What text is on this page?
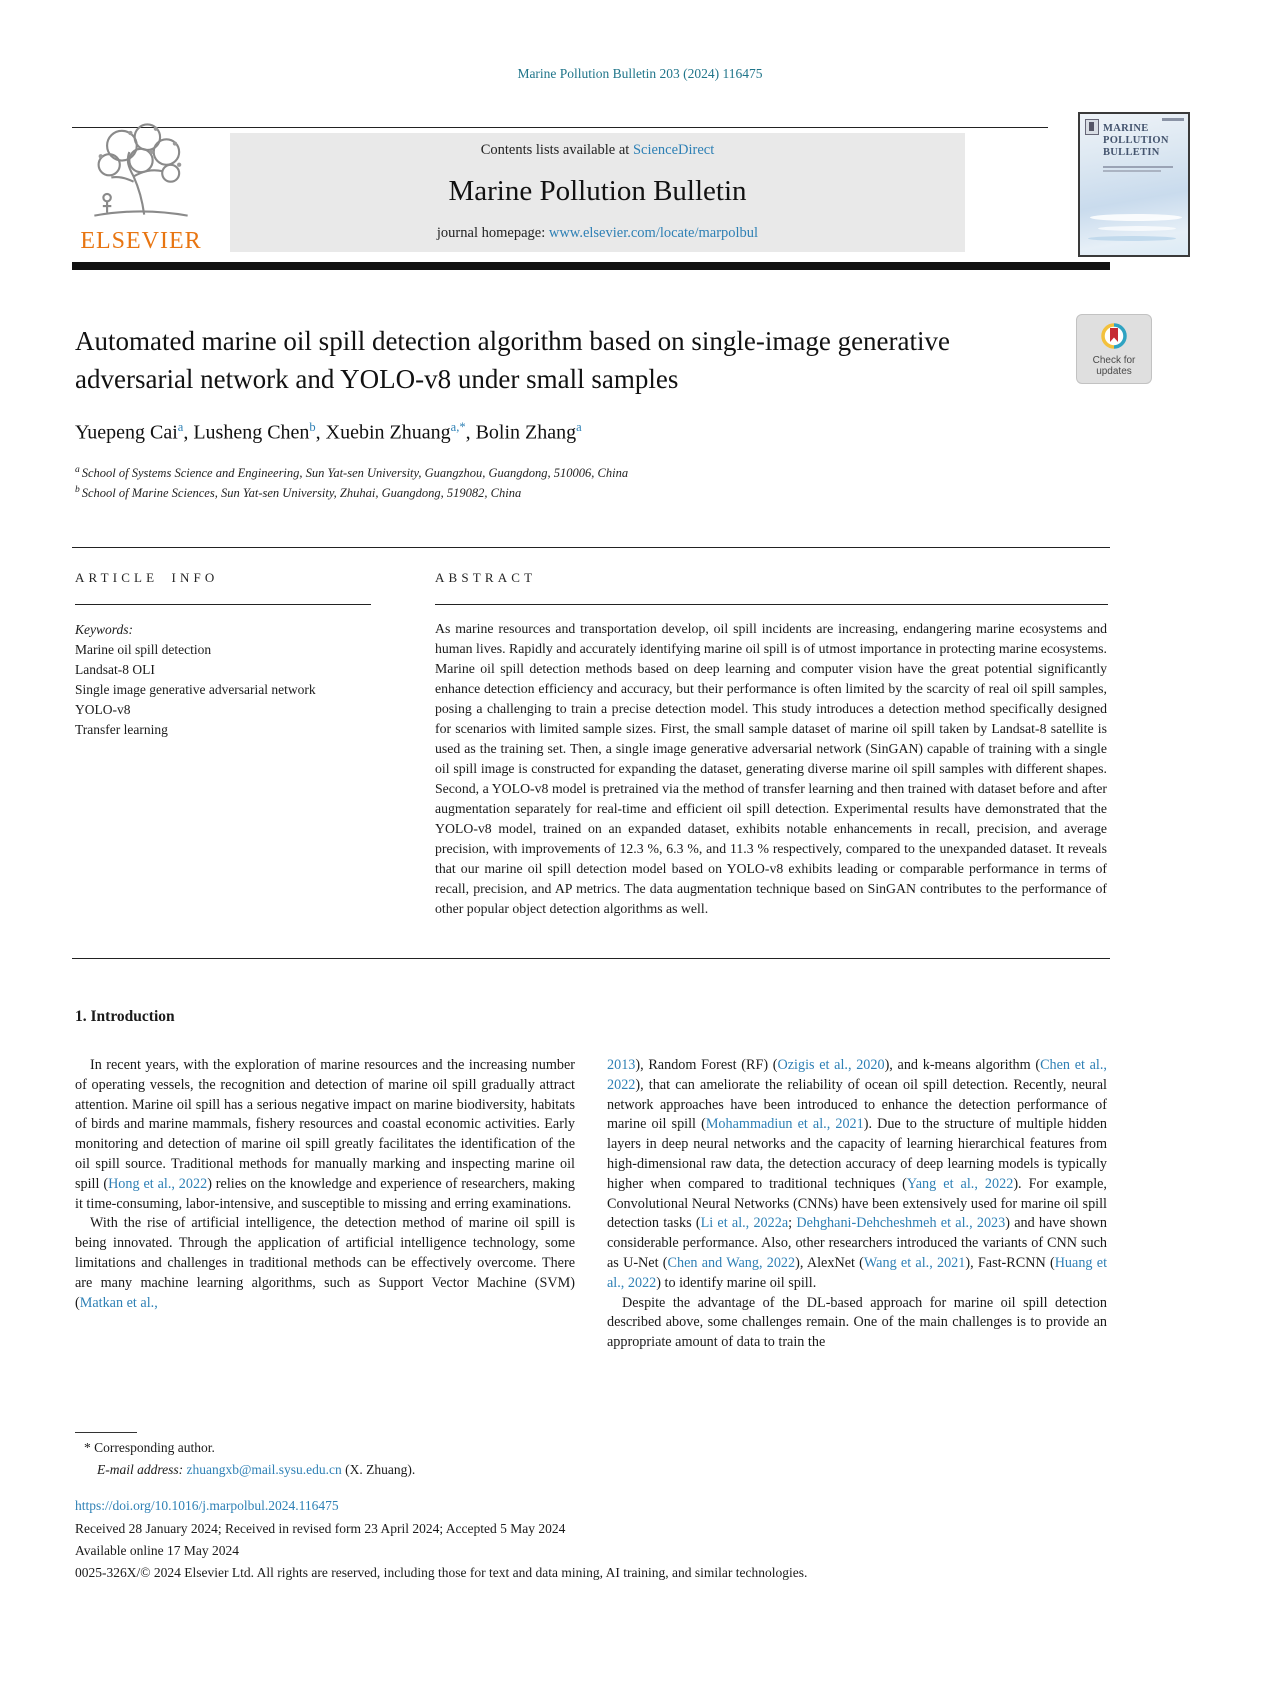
Marine Pollution Bulletin 203 (2024) 116475
ELSEVIER
Contents lists available at ScienceDirect
Marine Pollution Bulletin
journal homepage: www.elsevier.com/locate/marpolbul
MARINE POLLUTION BULLETIN
Automated marine oil spill detection algorithm based on single-image generative adversarial network and YOLO-v8 under small samples
Check for
updates
Yuepeng Cai$^a$, Lusheng Chen$^b$, Xuebin Zhuang$^{a,*}$, Bolin Zhang$^a$
$^a$ School of Systems Science and Engineering, Sun Yat-sen University, Guangzhou, Guangdong, 510006, China
$^b$ School of Marine Sciences, Sun Yat-sen University, Zhuhai, Guangdong, 519082, China
ARTICLE INFO	ABSTRACT
Keywords:
Marine oil spill detection
Landsat-8 OLI
Single image generative adversarial network
YOLO-v8
Transfer learning
As marine resources and transportation develop, oil spill incidents are increasing, endangering marine ecosystems and human lives. Rapidly and accurately identifying marine oil spill is of utmost importance in protecting marine ecosystems. Marine oil spill detection methods based on deep learning and computer vision have the great potential significantly enhance detection efficiency and accuracy, but their performance is often limited by the scarcity of real oil spill samples, posing a challenging to train a precise detection model. This study introduces a detection method specifically designed for scenarios with limited sample sizes. First, the small sample dataset of marine oil spill taken by Landsat-8 satellite is used as the training set. Then, a single image generative adversarial network (SinGAN) capable of training with a single oil spill image is constructed for expanding the dataset, generating diverse marine oil spill samples with different shapes. Second, a YOLO-v8 model is pretrained via the method of transfer learning and then trained with dataset before and after augmentation separately for real-time and efficient oil spill detection. Experimental results have demonstrated that the YOLO-v8 model, trained on an expanded dataset, exhibits notable enhancements in recall, precision, and average precision, with improvements of 12.3 %, 6.3 %, and 11.3 % respectively, compared to the unexpanded dataset. It reveals that our marine oil spill detection model based on YOLO-v8 exhibits leading or comparable performance in terms of recall, precision, and AP metrics. The data augmentation technique based on SinGAN contributes to the performance of other popular object detection algorithms as well.
1. Introduction

In recent years, with the exploration of marine resources and the increasing number of operating vessels, the recognition and detection of marine oil spill gradually attract attention. Marine oil spill has a serious negative impact on marine biodiversity, habitats of birds and marine mammals, fishery resources and coastal economic activities. Early monitoring and detection of marine oil spill greatly facilitates the identification of the oil spill source. Traditional methods for manually marking and inspecting marine oil spill (Hong et al., 2022) relies on the knowledge and experience of researchers, making it time-consuming, labor-intensive, and susceptible to missing and erring examinations.

With the rise of artificial intelligence, the detection method of marine oil spill is being innovated. Through the application of artificial intelligence technology, some limitations and challenges in traditional methods can be effectively overcome. There are many machine learning algorithms, such as Support Vector Machine (SVM) (Matkan et al.,

2013), Random Forest (RF) (Ozigis et al., 2020), and k-means algorithm (Chen et al., 2022), that can ameliorate the reliability of ocean oil spill detection. Recently, neural network approaches have been introduced to enhance the detection performance of marine oil spill (Mohammadiun et al., 2021). Due to the structure of multiple hidden layers in deep neural networks and the capacity of learning hierarchical features from high-dimensional raw data, the detection accuracy of deep learning models is typically higher when compared to traditional techniques (Yang et al., 2022). For example, Convolutional Neural Networks (CNNs) have been extensively used for marine oil spill detection tasks (Li et al., 2022a; Dehghani-Dehcheshmeh et al., 2023) and have shown considerable performance. Also, other researchers introduced the variants of CNN such as U-Net (Chen and Wang, 2022), AlexNet (Wang et al., 2021), Fast-RCNN (Huang et al., 2022) to identify marine oil spill.

Despite the advantage of the DL-based approach for marine oil spill detection described above, some challenges remain. One of the main challenges is to provide an appropriate amount of data to train the

* Corresponding author.
E-mail address: zhuangxb@mail.sysu.edu.cn (X. Zhuang).
https://doi.org/10.1016/j.marpolbul.2024.116475
Received 28 January 2024; Received in revised form 23 April 2024; Accepted 5 May 2024
Available online 17 May 2024
0025-326X/© 2024 Elsevier Ltd. All rights are reserved, including those for text and data mining, AI training, and similar technologies.
